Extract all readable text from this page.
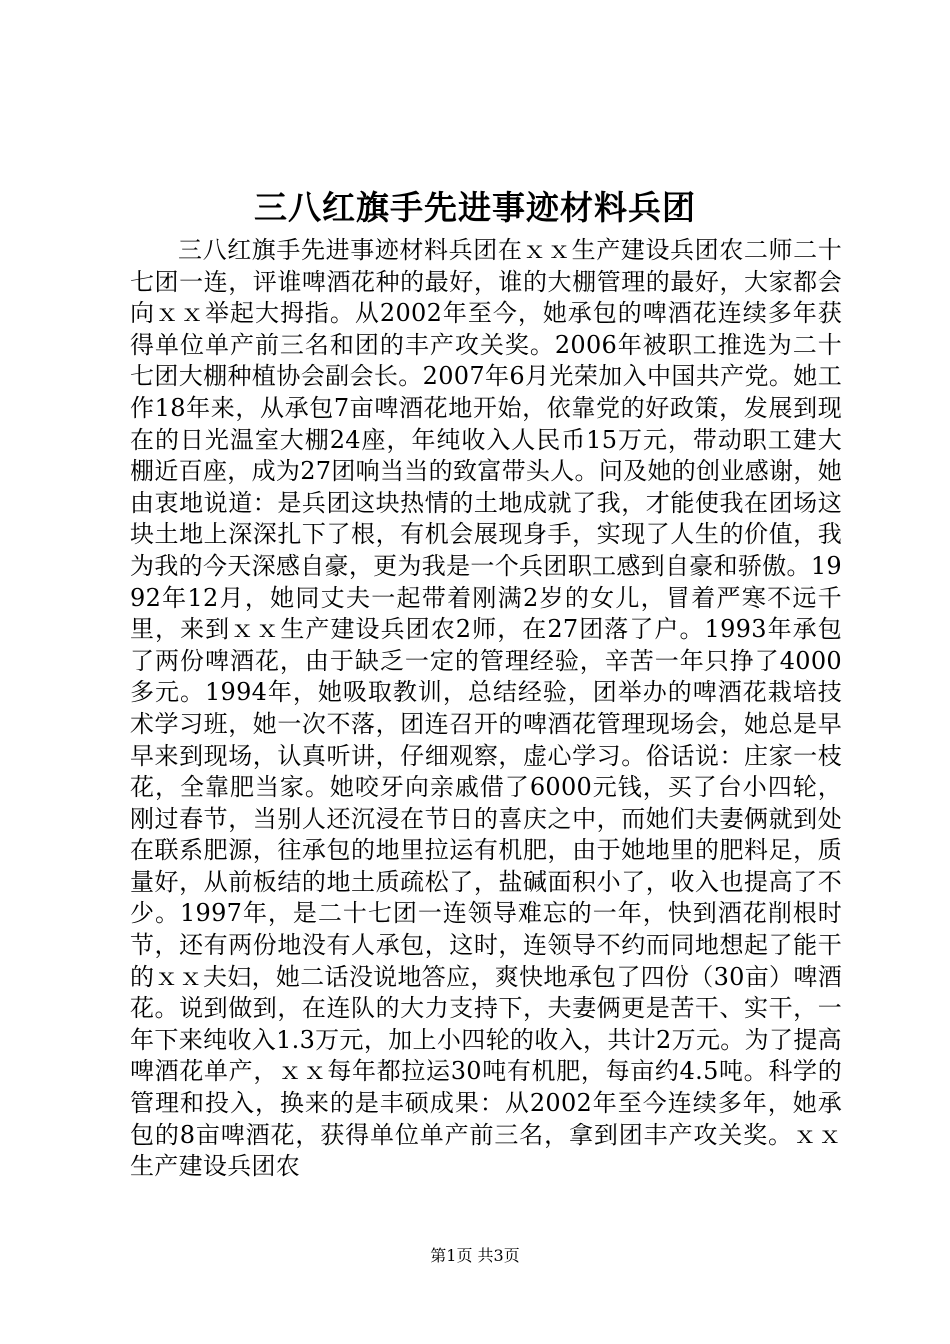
三八红旗手先进事迹材料兵团

三八红旗手先进事迹材料兵团在ｘｘ生产建设兵团农二师二十七团一连，评谁啤酒花种的最好，谁的大棚管理的最好，大家都会向ｘｘ举起大拇指。从2002年至今，她承包的啤酒花连续多年获得单位单产前三名和团的丰产攻关奖。2006年被职工推选为二十七团大棚种植协会副会长。2007年6月光荣加入中国共产党。她工作18年来，从承包7亩啤酒花地开始，依靠党的好政策，发展到现在的日光温室大棚24座，年纯收入人民币15万元，带动职工建大棚近百座，成为27团响当当的致富带头人。问及她的创业感谢，她由衷地说道：是兵团这块热情的土地成就了我，才能使我在团场这块土地上深深扎下了根，有机会展现身手，实现了人生的价值，我为我的今天深感自豪，更为我是一个兵团职工感到自豪和骄傲。1992年12月，她同丈夫一起带着刚满2岁的女儿，冒着严寒不远千里，来到ｘｘ生产建设兵团农2师，在27团落了户。1993年承包了两份啤酒花，由于缺乏一定的管理经验，辛苦一年只挣了4000多元。1994年，她吸取教训，总结经验，团举办的啤酒花栽培技术学习班，她一次不落，团连召开的啤酒花管理现场会，她总是早早来到现场，认真听讲，仔细观察，虚心学习。俗话说：庄家一枝花，全靠肥当家。她咬牙向亲戚借了6000元钱，买了台小四轮，刚过春节，当别人还沉浸在节日的喜庆之中，而她们夫妻俩就到处在联系肥源，往承包的地里拉运有机肥，由于她地里的肥料足，质量好，从前板结的地土质疏松了，盐碱面积小了，收入也提高了不少。1997年，是二十七团一连领导难忘的一年，快到酒花削根时节，还有两份地没有人承包，这时，连领导不约而同地想起了能干的ｘｘ夫妇，她二话没说地答应，爽快地承包了四份（30亩）啤酒花。说到做到，在连队的大力支持下，夫妻俩更是苦干、实干，一年下来纯收入1.3万元，加上小四轮的收入，共计2万元。为了提高啤酒花单产，ｘｘ每年都拉运30吨有机肥，每亩约4.5吨。科学的管理和投入，换来的是丰硕成果：从2002年至今连续多年，她承包的8亩啤酒花，获得单位单产前三名，拿到团丰产攻关奖。ｘｘ生产建设兵团农

第1页 共3页
